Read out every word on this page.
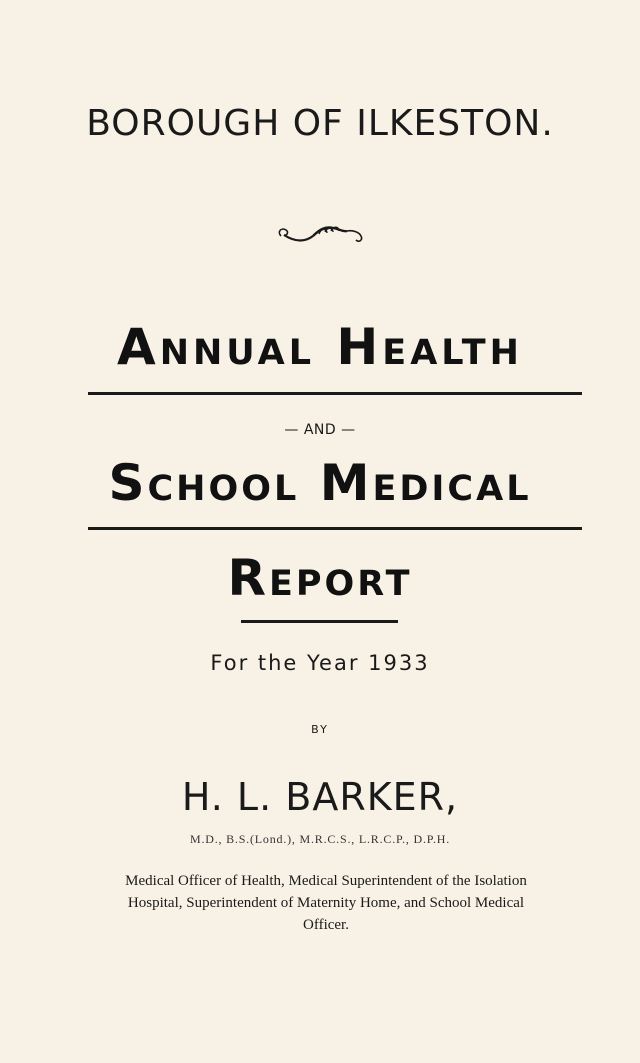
BOROUGH OF ILKESTON.
Annual Health
— AND —
School Medical
Report
For the Year 1933
BY
H. L. BARKER,
M.D., B.S.(Lond.), M.R.C.S., L.R.C.P., D.P.H.
Medical Officer of Health, Medical Superintendent of the Isolation Hospital, Superintendent of Maternity Home, and School Medical Officer.
